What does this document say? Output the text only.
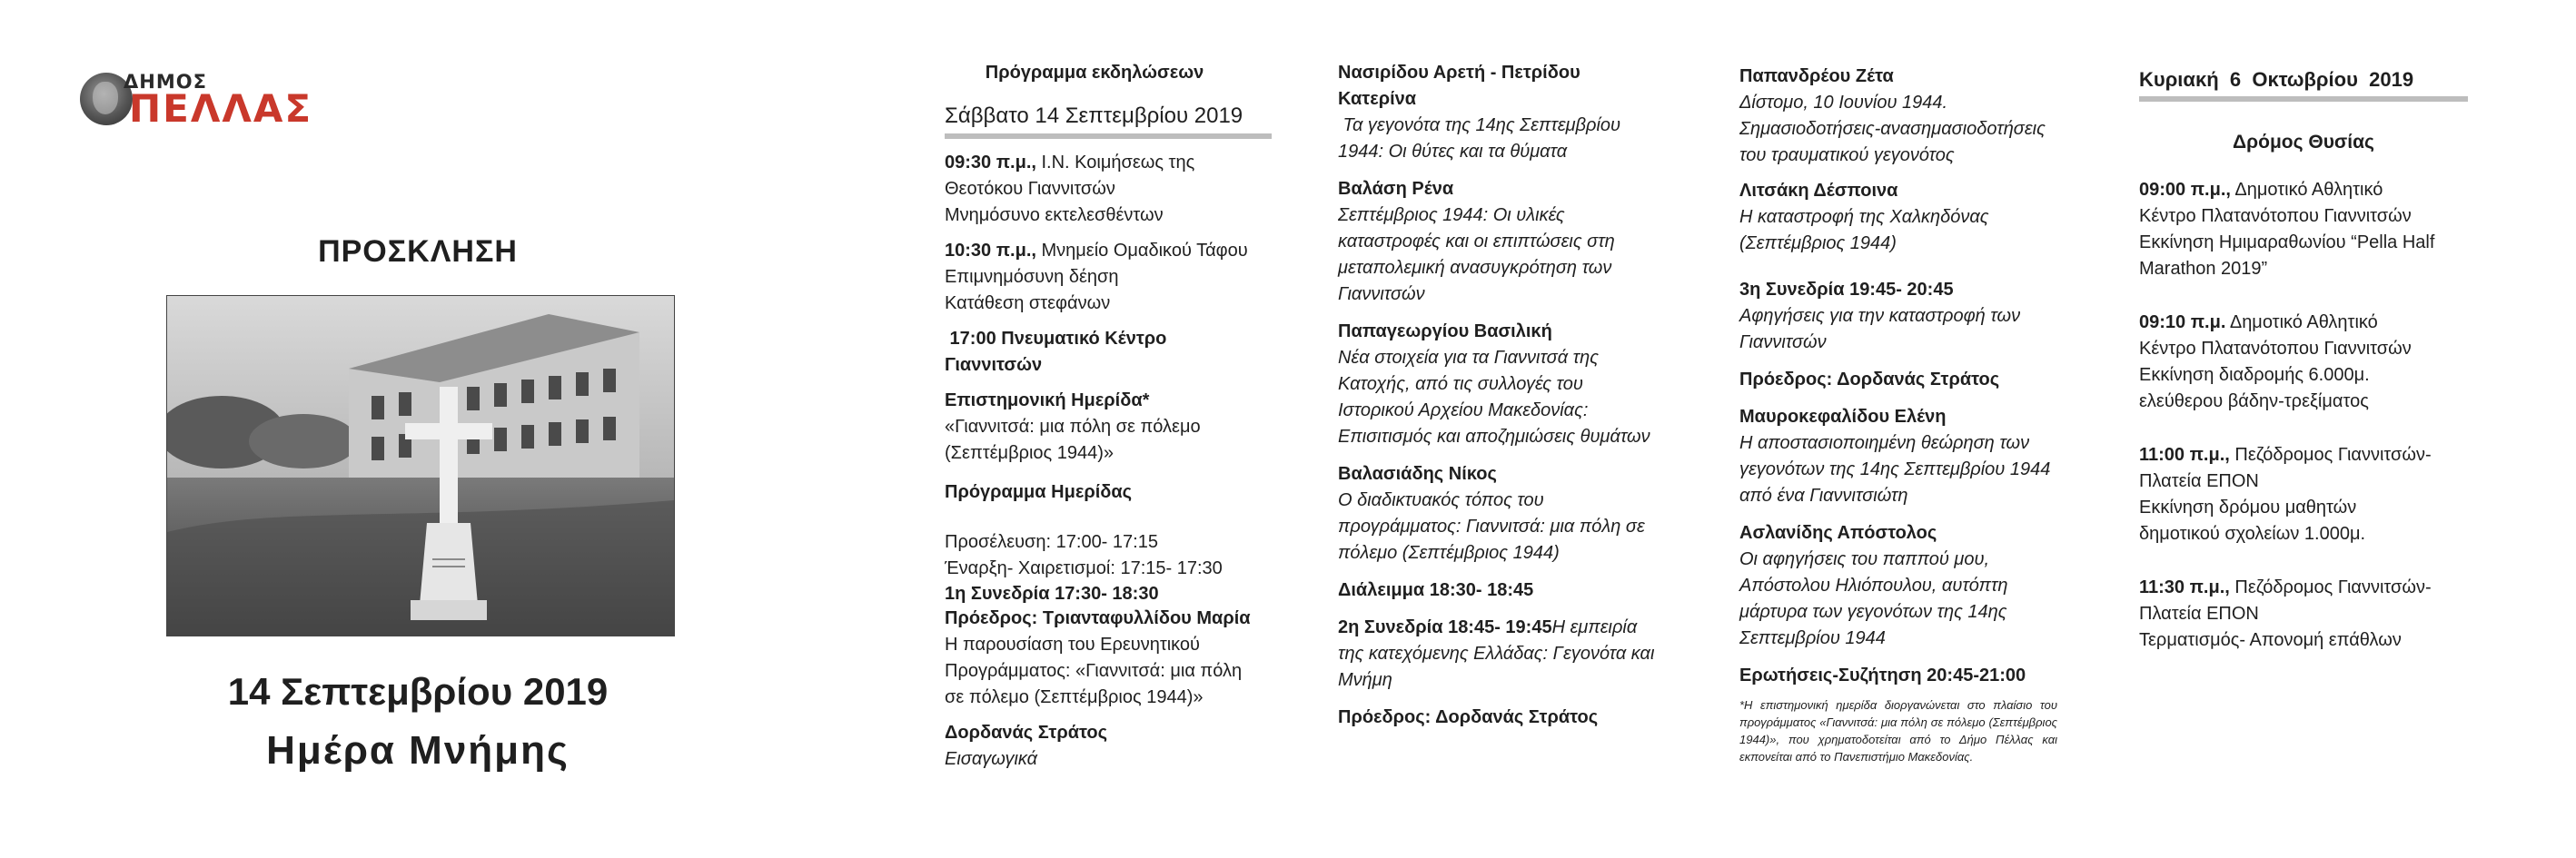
ΔΗΜΟΣ
ΠΕΛΛΑΣ
ΠΡΟΣΚΛΗΣΗ
14 Σεπτεμβρίου 2019
Ημέρα Μνήμης

Πρόγραμμα εκδηλώσεων

Σάββατο 14 Σεπτεμβρίου 2019

09:30 π.μ., Ι.Ν. Κοιμήσεως της

Θεοτόκου Γιαννιτσών

Μνημόσυνο εκτελεσθέντων

10:30 π.μ., Μνημείο Ομαδικού Τάφου

Επιμνημόσυνη δέηση

Κατάθεση στεφάνων

17:00 Πνευματικό Κέντρο

Γιαννιτσών

Επιστημονική Ημερίδα*

«Γιαννιτσά: μια πόλη σε πόλεμο

(Σεπτέμβριος 1944)»

Πρόγραμμα Ημερίδας

Προσέλευση: 17:00- 17:15

Έναρξη- Χαιρετισμοί: 17:15- 17:30

1η Συνεδρία 17:30- 18:30

Πρόεδρος: Τριανταφυλλίδου Μαρία

Η παρουσίαση του Ερευνητικού

Προγράμματος: «Γιαννιτσά: μια πόλη

σε πόλεμο (Σεπτέμβριος 1944)»

Δορδανάς Στράτος

Εισαγωγικά

Νασιρίδου Αρετή - Πετρίδου

Κατερίνα

Τα γεγονότα της 14ης Σεπτεμβρίου

1944: Οι θύτες και τα θύματα

Βαλάση Ρένα

Σεπτέμβριος 1944: Οι υλικές

καταστροφές και οι επιπτώσεις στη

μεταπολεμική ανασυγκρότηση των

Γιαννιτσών

Παπαγεωργίου Βασιλική

Νέα στοιχεία για τα Γιαννιτσά της

Κατοχής, από τις συλλογές του

Ιστορικού Αρχείου Μακεδονίας:

Επισιτισμός και αποζημιώσεις θυμάτων

Βαλασιάδης Νίκος

Ο διαδικτυακός τόπος του

προγράμματος: Γιαννιτσά: μια πόλη σε

πόλεμο (Σεπτέμβριος 1944)

Διάλειμμα 18:30- 18:45

2η Συνεδρία 18:45- 19:45Η εμπειρία

της κατεχόμενης Ελλάδας: Γεγονότα και

Μνήμη

Πρόεδρος: Δορδανάς Στράτος

Παπανδρέου Ζέτα

Δίστομο, 10 Ιουνίου 1944.

Σημασιοδοτήσεις-ανασημασιοδοτήσεις

του τραυματικού γεγονότος

Λιτσάκη Δέσποινα

Η καταστροφή της Χαλκηδόνας

(Σεπτέμβριος 1944)

3η Συνεδρία 19:45- 20:45

Αφηγήσεις για την καταστροφή των

Γιαννιτσών

Πρόεδρος: Δορδανάς Στράτος

Μαυροκεφαλίδου Ελένη

Η αποστασιοποιημένη θεώρηση των

γεγονότων της 14ης Σεπτεμβρίου 1944

από ένα Γιαννιτσιώτη

Ασλανίδης Απόστολος

Οι αφηγήσεις του παππού μου,

Απόστολου Ηλιόπουλου, αυτόπτη

μάρτυρα των γεγονότων της 14ης

Σεπτεμβρίου 1944

Ερωτήσεις-Συζήτηση 20:45-21:00

*Η επιστημονική ημερίδα διοργανώνεται στο πλαίσιο του προγράμματος «Γιαννιτσά: μια πόλη σε πόλεμο (Σεπτέμβριος 1944)», που χρηματοδοτείται από το Δήμο Πέλλας και εκπονείται από το Πανεπιστήμιο Μακεδονίας.

Κυριακή  6  Οκτωβρίου  2019

Δρόμος Θυσίας

09:00 π.μ., Δημοτικό Αθλητικό

Κέντρο Πλατανότοπου Γιαννιτσών

Εκκίνηση Ημιμαραθωνίου “Pella Half

Marathon 2019”

09:10 π.μ. Δημοτικό Αθλητικό

Κέντρο Πλατανότοπου Γιαννιτσών

Εκκίνηση διαδρομής 6.000μ.

ελεύθερου βάδην-τρεξίματος

11:00 π.μ., Πεζόδρομος Γιαννιτσών-

Πλατεία ΕΠΟΝ

Εκκίνηση δρόμου μαθητών

δημοτικού σχολείων 1.000μ.

11:30 π.μ., Πεζόδρομος Γιαννιτσών-

Πλατεία ΕΠΟΝ

Τερματισμός- Απονομή επάθλων
